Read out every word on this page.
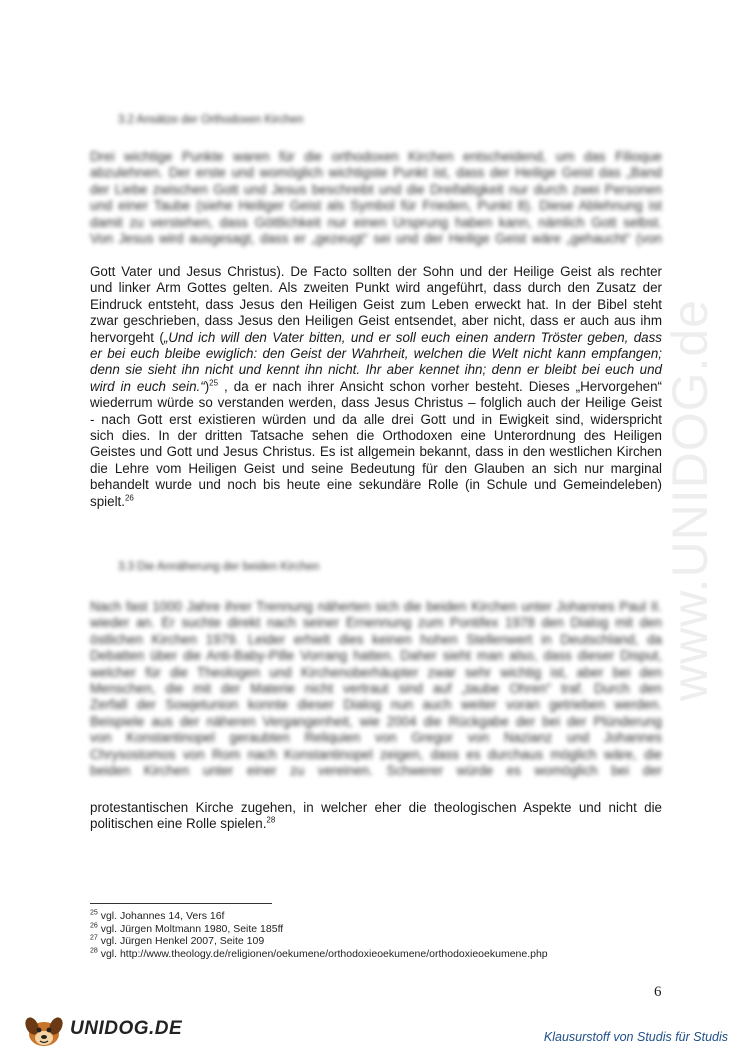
www.UNIDOG.de
3.2 Ansätze der Orthodoxen Kirchen
Drei wichtige Punkte waren für die orthodoxen Kirchen entscheidend, um das Filioque
abzulehnen. Der erste und womöglich wichtigste Punkt ist, dass der Heilige Geist das „Band
der Liebe zwischen Gott und Jesus beschreibt und die Dreifaltigkeit nur durch zwei Personen
und einer Taube (siehe Heiliger Geist als Symbol für Frieden, Punkt 8). Diese Ablehnung ist
damit zu verstehen, dass Göttlichkeit nur einen Ursprung haben kann, nämlich Gott selbst.
Von Jesus wird ausgesagt, dass er „gezeugt“ sei und der Heilige Geist wäre „gehaucht“ (von
Gott Vater und Jesus Christus). De Facto sollten der Sohn und der Heilige Geist als rechter
und linker Arm Gottes gelten. Als zweiten Punkt wird angeführt, dass durch den Zusatz der
Eindruck entsteht, dass Jesus den Heiligen Geist zum Leben erweckt hat. In der Bibel steht
zwar geschrieben, dass Jesus den Heiligen Geist entsendet, aber nicht, dass er auch aus ihm
hervorgeht („Und ich will den Vater bitten, und er soll euch einen andern Tröster geben, dass
er bei euch bleibe ewiglich: den Geist der Wahrheit, welchen die Welt nicht kann empfangen;
denn sie sieht ihn nicht und kennt ihn nicht. Ihr aber kennet ihn; denn er bleibt bei euch und
wird in euch sein.“)$^{25}$ , da er nach ihrer Ansicht schon vorher besteht. Dieses „Hervorgehen“
wiederrum würde so verstanden werden, dass Jesus Christus – folglich auch der Heilige Geist
- nach Gott erst existieren würden und da alle drei Gott und in Ewigkeit sind, widerspricht
sich dies. In der dritten Tatsache sehen die Orthodoxen eine Unterordnung des Heiligen
Geistes und Gott und Jesus Christus. Es ist allgemein bekannt, dass in den westlichen Kirchen
die Lehre vom Heiligen Geist und seine Bedeutung für den Glauben an sich nur marginal
behandelt wurde und noch bis heute eine sekundäre Rolle (in Schule und Gemeindeleben)
spielt.$^{26}$
3.3 Die Annäherung der beiden Kirchen
Nach fast 1000 Jahre ihrer Trennung näherten sich die beiden Kirchen unter Johannes Paul II.
wieder an. Er suchte direkt nach seiner Ernennung zum Pontifex 1978 den Dialog mit den
östlichen Kirchen 1979. Leider erhielt dies keinen hohen Stellenwert in Deutschland, da
Debatten über die Anti-Baby-Pille Vorrang hatten. Daher sieht man also, dass dieser Disput,
welcher für die Theologen und Kirchenoberhäupter zwar sehr wichtig ist, aber bei den
Menschen, die mit der Materie nicht vertraut sind auf „taube Ohren“ traf. Durch den
Zerfall der Sowjetunion konnte dieser Dialog nun auch weiter voran getrieben werden.
Beispiele aus der näheren Vergangenheit, wie 2004 die Rückgabe der bei der Plünderung
von Konstantinopel geraubten Reliquien von Gregor von Nazianz und Johannes
Chrysostomos von Rom nach Konstantinopel zeigen, dass es durchaus möglich wäre, die
beiden Kirchen unter einer zu vereinen. Schwerer würde es womöglich bei der
protestantischen Kirche zugehen, in welcher eher die theologischen Aspekte und nicht die
politischen eine Rolle spielen.$^{28}$
$^{25}$ vgl. Johannes 14, Vers 16f
$^{26}$ vgl. Jürgen Moltmann 1980, Seite 185ff
$^{27}$ vgl. Jürgen Henkel 2007, Seite 109
$^{28}$ vgl. http://www.theology.de/religionen/oekumene/orthodoxieoekumene/orthodoxieoekumene.php
6
UNIDOG.DE	Klausurstoff von Studis für Studis
